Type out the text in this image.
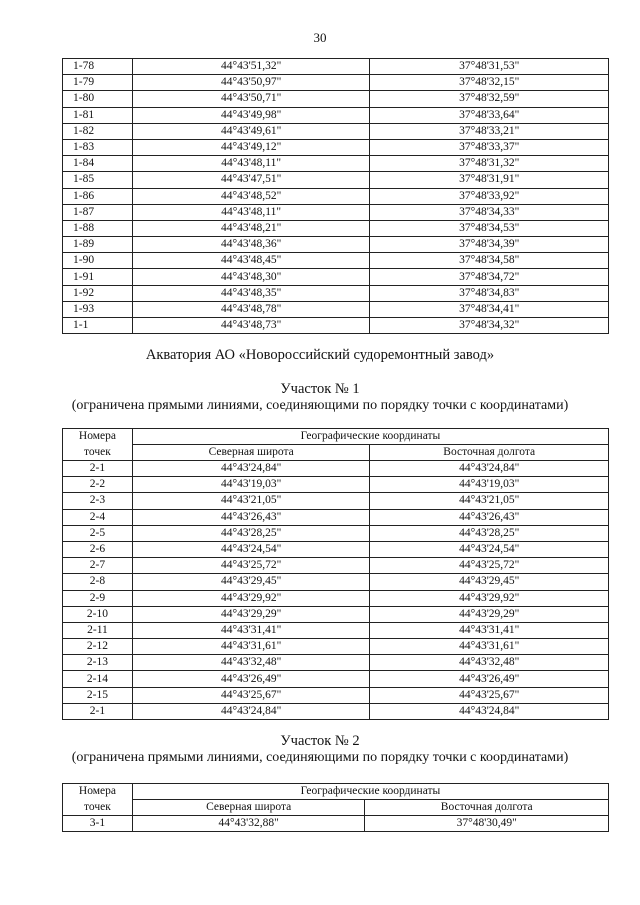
30
1-78	44°43'51,32"	37°48'31,53"
1-79	44°43'50,97"	37°48'32,15"
1-80	44°43'50,71"	37°48'32,59"
1-81	44°43'49,98"	37°48'33,64"
1-82	44°43'49,61"	37°48'33,21"
1-83	44°43'49,12"	37°48'33,37"
1-84	44°43'48,11"	37°48'31,32"
1-85	44°43'47,51"	37°48'31,91"
1-86	44°43'48,52"	37°48'33,92"
1-87	44°43'48,11"	37°48'34,33"
1-88	44°43'48,21"	37°48'34,53"
1-89	44°43'48,36"	37°48'34,39"
1-90	44°43'48,45"	37°48'34,58"
1-91	44°43'48,30"	37°48'34,72"
1-92	44°43'48,35"	37°48'34,83"
1-93	44°43'48,78"	37°48'34,41"
1-1	44°43'48,73"	37°48'34,32"
Акватория АО «Новороссийский судоремонтный завод»
Участок № 1
(ограничена прямыми линиями, соединяющими по порядку точки с координатами)
Номера	Географические координаты	
точек	Северная широта	Восточная долгота
2-1	44°43'24,84"	44°43'24,84"
2-2	44°43'19,03"	44°43'19,03"
2-3	44°43'21,05"	44°43'21,05"
2-4	44°43'26,43"	44°43'26,43"
2-5	44°43'28,25"	44°43'28,25"
2-6	44°43'24,54"	44°43'24,54"
2-7	44°43'25,72"	44°43'25,72"
2-8	44°43'29,45"	44°43'29,45"
2-9	44°43'29,92"	44°43'29,92"
2-10	44°43'29,29"	44°43'29,29"
2-11	44°43'31,41"	44°43'31,41"
2-12	44°43'31,61"	44°43'31,61"
2-13	44°43'32,48"	44°43'32,48"
2-14	44°43'26,49"	44°43'26,49"
2-15	44°43'25,67"	44°43'25,67"
2-1	44°43'24,84"	44°43'24,84"
Участок № 2
(ограничена прямыми линиями, соединяющими по порядку точки с координатами)
Номера	Географические координаты	
точек	Северная широта	Восточная долгота
3-1	44°43'32,88"	37°48'30,49"
